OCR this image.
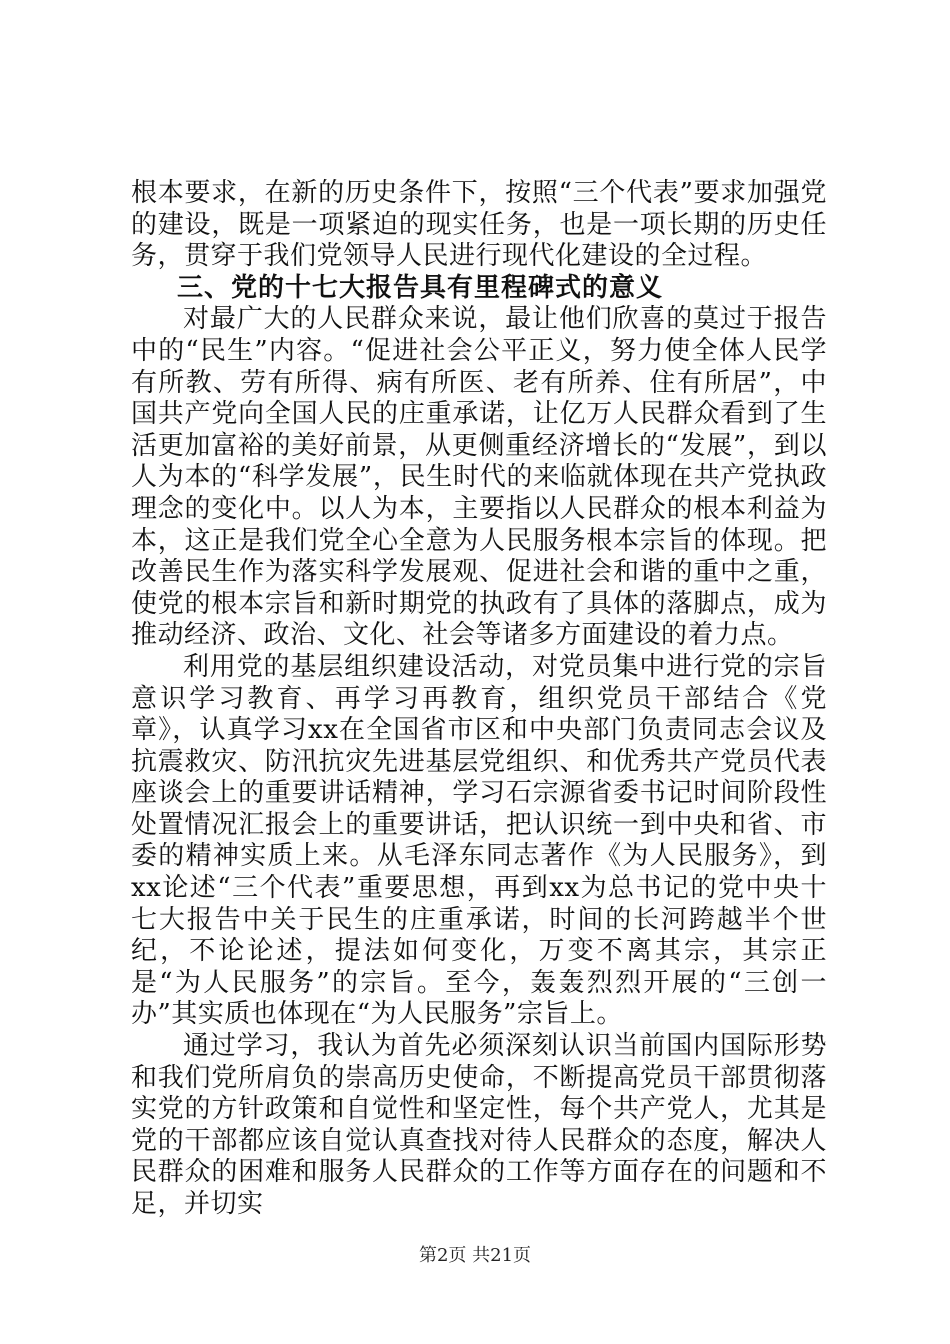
根本要求，在新的历史条件下，按照“三个代表”要求加强党的建设，既是一项紧迫的现实任务，也是一项长期的历史任务，贯穿于我们党领导人民进行现代化建设的全过程。

三、党的十七大报告具有里程碑式的意义

对最广大的人民群众来说，最让他们欣喜的莫过于报告中的“民生”内容。“促进社会公平正义，努力使全体人民学有所教、劳有所得、病有所医、老有所养、住有所居”，中国共产党向全国人民的庄重承诺，让亿万人民群众看到了生活更加富裕的美好前景，从更侧重经济增长的“发展”，到以人为本的“科学发展”，民生时代的来临就体现在共产党执政理念的变化中。以人为本，主要指以人民群众的根本利益为本，这正是我们党全心全意为人民服务根本宗旨的体现。把改善民生作为落实科学发展观、促进社会和谐的重中之重，使党的根本宗旨和新时期党的执政有了具体的落脚点，成为推动经济、政治、文化、社会等诸多方面建设的着力点。

利用党的基层组织建设活动，对党员集中进行党的宗旨意识学习教育、再学习再教育，组织党员干部结合《党章》，认真学习xx在全国省市区和中央部门负责同志会议及抗震救灾、防汛抗灾先进基层党组织、和优秀共产党员代表座谈会上的重要讲话精神，学习石宗源省委书记时间阶段性处置情况汇报会上的重要讲话，把认识统一到中央和省、市委的精神实质上来。从毛泽东同志著作《为人民服务》，到xx论述“三个代表”重要思想，再到xx为总书记的党中央十七大报告中关于民生的庄重承诺，时间的长河跨越半个世纪，不论论述，提法如何变化，万变不离其宗，其宗正是“为人民服务”的宗旨。至今，轰轰烈烈开展的“三创一办”其实质也体现在“为人民服务”宗旨上。

通过学习，我认为首先必须深刻认识当前国内国际形势和我们党所肩负的崇高历史使命，不断提高党员干部贯彻落实党的方针政策和自觉性和坚定性，每个共产党人，尤其是党的干部都应该自觉认真查找对待人民群众的态度，解决人民群众的困难和服务人民群众的工作等方面存在的问题和不足，并切实

第2页 共21页
